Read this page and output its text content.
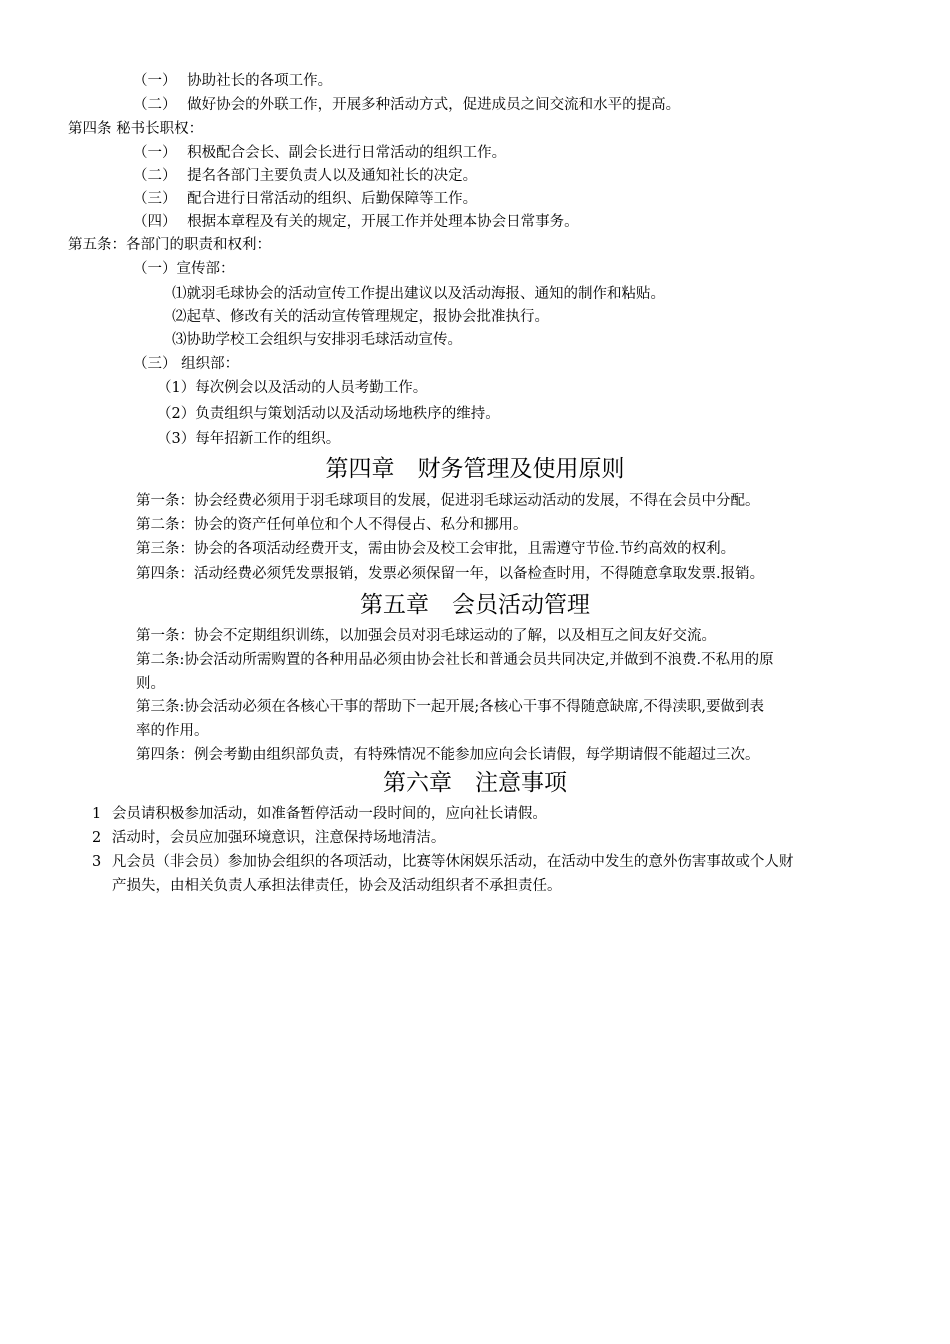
（一） 协助社长的各项工作。
（二） 做好协会的外联工作，开展多种活动方式，促进成员之间交流和水平的提高。
第四条 秘书长职权：
（一） 积极配合会长、副会长进行日常活动的组织工作。
（二） 提名各部门主要负责人以及通知社长的决定。
（三） 配合进行日常活动的组织、后勤保障等工作。
（四） 根据本章程及有关的规定，开展工作并处理本协会日常事务。
第五条：各部门的职责和权利：
（一）宣传部：
⑴就羽毛球协会的活动宣传工作提出建议以及活动海报、通知的制作和粘贴。
⑵起草、修改有关的活动宣传管理规定，报协会批准执行。
⑶协助学校工会组织与安排羽毛球活动宣传。
（三） 组织部：
（1）每次例会以及活动的人员考勤工作。
（2）负责组织与策划活动以及活动场地秩序的维持。
（3）每年招新工作的组织。
第四章　财务管理及使用原则
第一条：协会经费必须用于羽毛球项目的发展，促进羽毛球运动活动的发展，不得在会员中分配。
第二条：协会的资产任何单位和个人不得侵占、私分和挪用。
第三条：协会的各项活动经费开支，需由协会及校工会审批，且需遵守节俭.节约高效的权利。
第四条：活动经费必须凭发票报销，发票必须保留一年，以备检查时用，不得随意拿取发票.报销。
第五章　会员活动管理
第一条：协会不定期组织训练，以加强会员对羽毛球运动的了解，以及相互之间友好交流。
第二条:协会活动所需购置的各种用品必须由协会社长和普通会员共同决定,并做到不浪费.不私用的原
则。
第三条:协会活动必须在各核心干事的帮助下一起开展;各核心干事不得随意缺席,不得渎职,要做到表
率的作用。
第四条：例会考勤由组织部负责，有特殊情况不能参加应向会长请假，每学期请假不能超过三次。
第六章　注意事项
1 会员请积极参加活动，如准备暂停活动一段时间的，应向社长请假。
2 活动时，会员应加强环境意识，注意保持场地清洁。
3 凡会员（非会员）参加协会组织的各项活动，比赛等休闲娱乐活动，在活动中发生的意外伤害事故或个人财
产损失，由相关负责人承担法律责任，协会及活动组织者不承担责任。
